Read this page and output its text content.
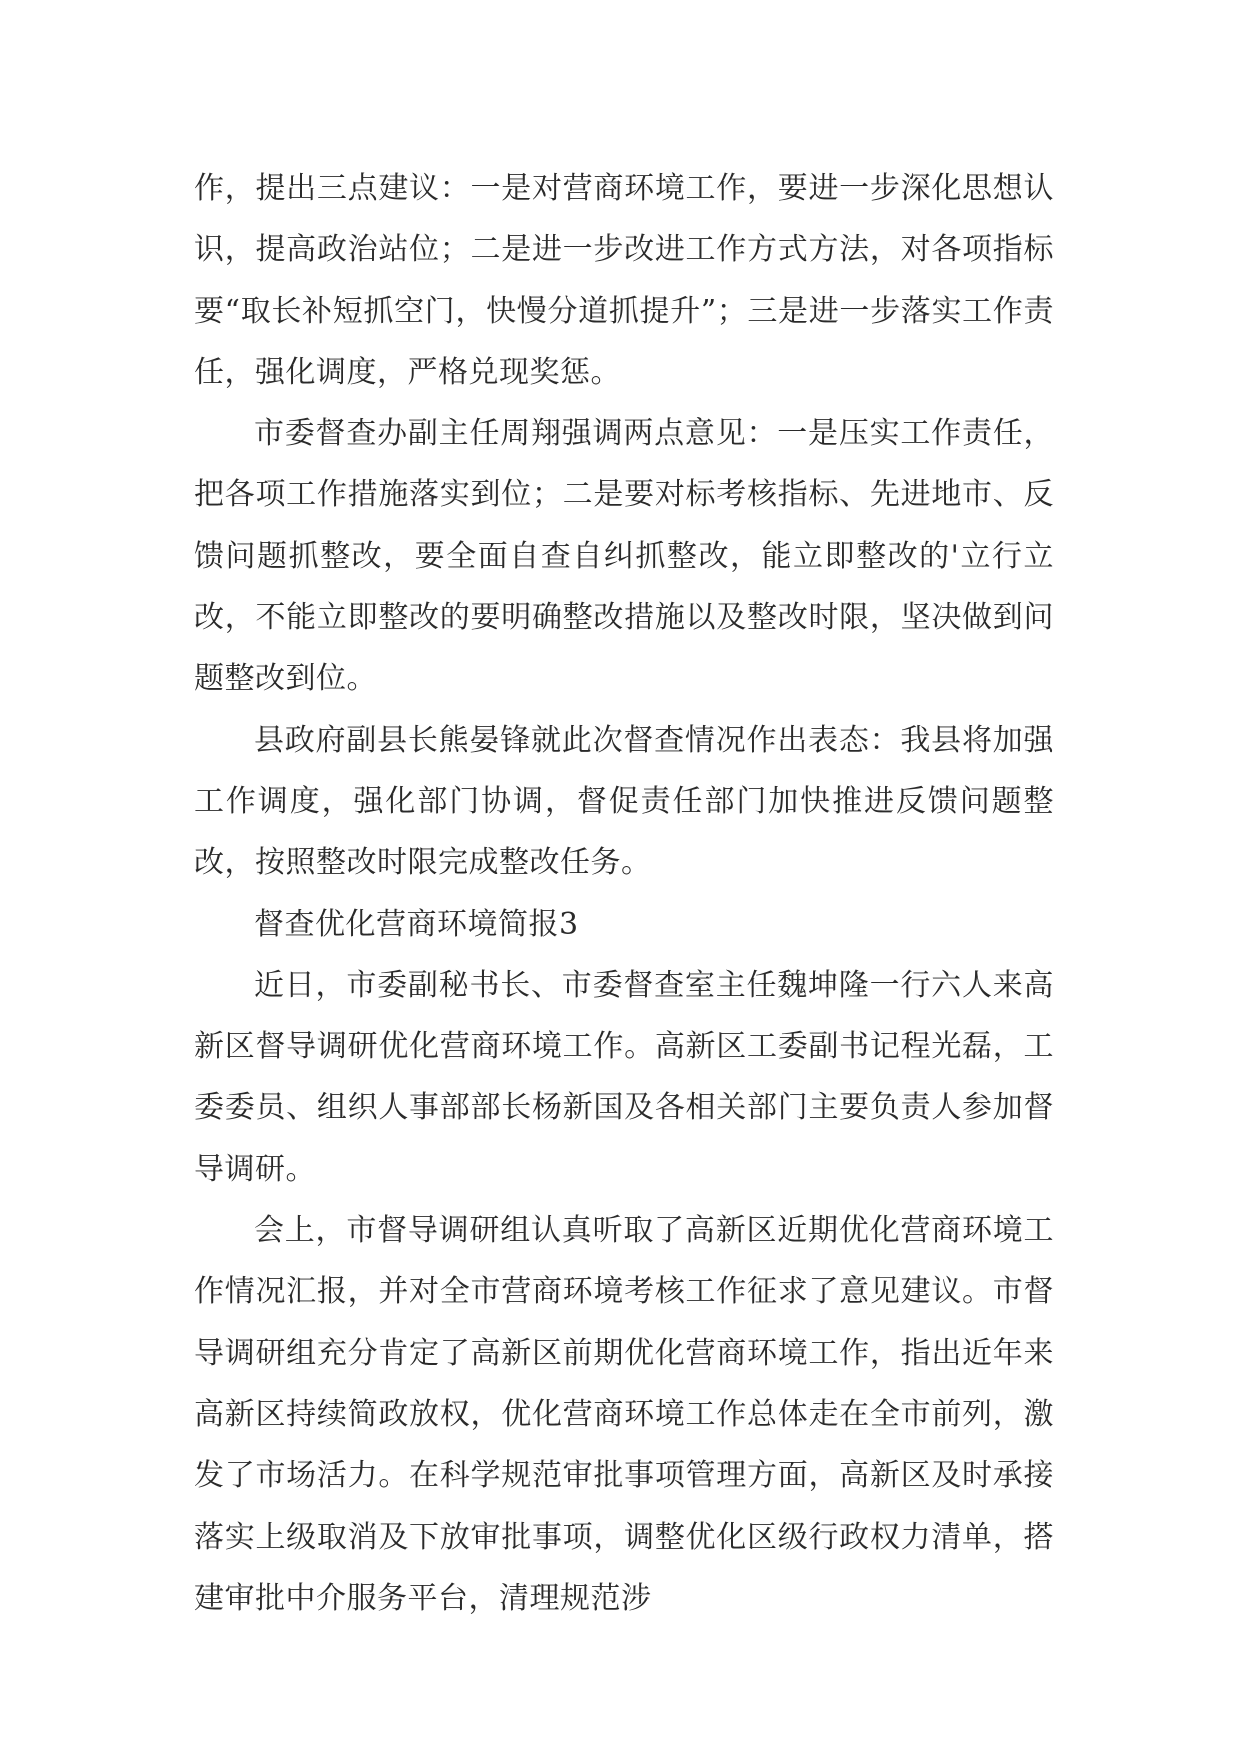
作，提出三点建议：一是对营商环境工作，要进一步深化思想认识，提高政治站位；二是进一步改进工作方式方法，对各项指标要“取长补短抓空门，快慢分道抓提升”；三是进一步落实工作责任，强化调度，严格兑现奖惩。

市委督查办副主任周翔强调两点意见：一是压实工作责任，把各项工作措施落实到位；二是要对标考核指标、先进地市、反馈问题抓整改，要全面自查自纠抓整改，能立即整改的'立行立改，不能立即整改的要明确整改措施以及整改时限，坚决做到问题整改到位。

县政府副县长熊晏锋就此次督查情况作出表态：我县将加强工作调度，强化部门协调，督促责任部门加快推进反馈问题整改，按照整改时限完成整改任务。

督查优化营商环境简报3

近日，市委副秘书长、市委督查室主任魏坤隆一行六人来高新区督导调研优化营商环境工作。高新区工委副书记程光磊，工委委员、组织人事部部长杨新国及各相关部门主要负责人参加督导调研。

会上，市督导调研组认真听取了高新区近期优化营商环境工作情况汇报，并对全市营商环境考核工作征求了意见建议。市督导调研组充分肯定了高新区前期优化营商环境工作，指出近年来高新区持续简政放权，优化营商环境工作总体走在全市前列，激发了市场活力。在科学规范审批事项管理方面，高新区及时承接落实上级取消及下放审批事项，调整优化区级行政权力清单，搭建审批中介服务平台，清理规范涉
